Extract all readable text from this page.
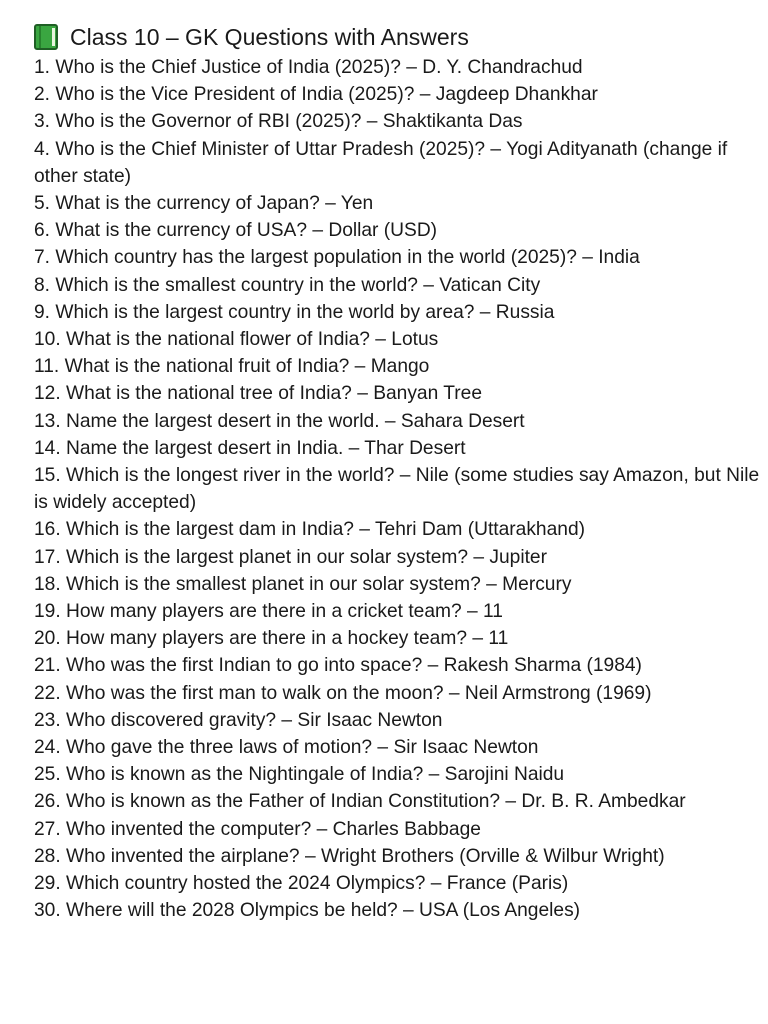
Class 10 – GK Questions with Answers
1. Who is the Chief Justice of India (2025)? – D. Y. Chandrachud
2. Who is the Vice President of India (2025)? – Jagdeep Dhankhar
3. Who is the Governor of RBI (2025)? – Shaktikanta Das
4. Who is the Chief Minister of Uttar Pradesh (2025)? – Yogi Adityanath (change if other state)
5. What is the currency of Japan? – Yen
6. What is the currency of USA? – Dollar (USD)
7. Which country has the largest population in the world (2025)? – India
8. Which is the smallest country in the world? – Vatican City
9. Which is the largest country in the world by area? – Russia
10. What is the national flower of India? – Lotus
11. What is the national fruit of India? – Mango
12. What is the national tree of India? – Banyan Tree
13. Name the largest desert in the world. – Sahara Desert
14. Name the largest desert in India. – Thar Desert
15. Which is the longest river in the world? – Nile (some studies say Amazon, but Nile is widely accepted)
16. Which is the largest dam in India? – Tehri Dam (Uttarakhand)
17. Which is the largest planet in our solar system? – Jupiter
18. Which is the smallest planet in our solar system? – Mercury
19. How many players are there in a cricket team? – 11
20. How many players are there in a hockey team? – 11
21. Who was the first Indian to go into space? – Rakesh Sharma (1984)
22. Who was the first man to walk on the moon? – Neil Armstrong (1969)
23. Who discovered gravity? – Sir Isaac Newton
24. Who gave the three laws of motion? – Sir Isaac Newton
25. Who is known as the Nightingale of India? – Sarojini Naidu
26. Who is known as the Father of Indian Constitution? – Dr. B. R. Ambedkar
27. Who invented the computer? – Charles Babbage
28. Who invented the airplane? – Wright Brothers (Orville & Wilbur Wright)
29. Which country hosted the 2024 Olympics? – France (Paris)
30. Where will the 2028 Olympics be held? – USA (Los Angeles)
